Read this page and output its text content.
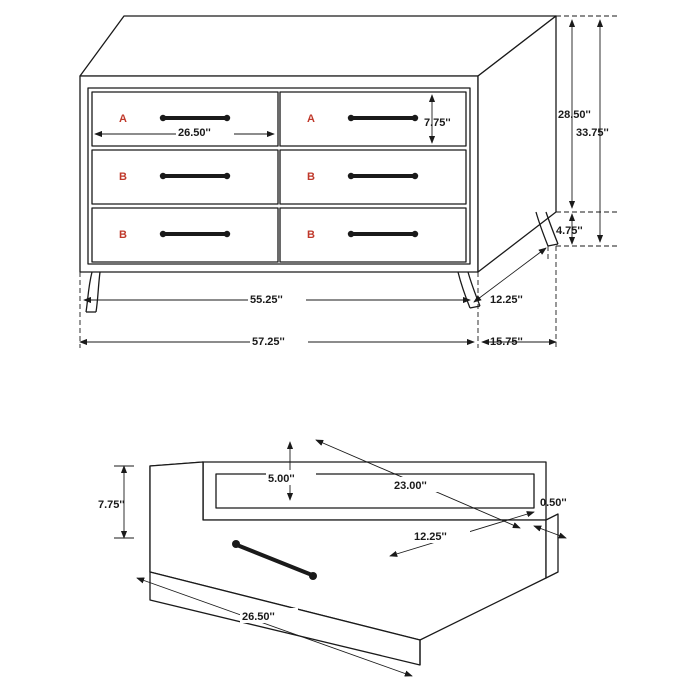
A	A
B	B
B	B
26.50''
7.75''
28.50''
33.75''
4.75''
55.25''	12.25''
57.25''	15.75''
7.75''
5.00''
23.00''
12.25''
0.50''
26.50''
